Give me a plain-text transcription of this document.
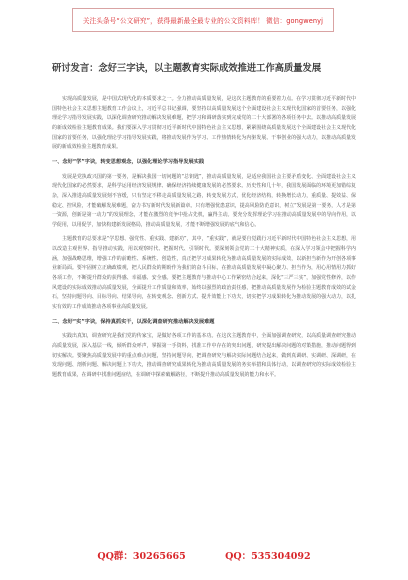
关注头条号“公文研究”，获得最新最全最专业的公文资料库！ 微信：gongwenyj
研讨发言：念好三字诀，以主题教育实际成效推进工作高质量发展

实现高质量发展，是中国式现代化的本质要求之一。全力推动高质量发展，是这次主题教育的重要着力点。在学习贯彻习近平新时代中国特色社会主义思想主题教育工作会议上，习近平总书记强调，要坚持以高质量发展这个全面建设社会主义现代化国家的首要任务，以强化理论学习指导发展实践，以深化调查研究推动解决发展难题，把学习和调研落实到完成党的二十大部署的各项任务中去。以推动高质量发展的新成效检验主题教育成果。我们要深入学习贯彻习近平新时代中国特色社会主义思想，紧紧围绕高质量发展这个全面建设社会主义现代化国家的首要任务，以强化理论学习指导发展实践，将推动发展作为学习、工作热情转化为内驱发展、干事创业的强大动力，以推动高质量发展的新成效检验主题教育成果。

一、念好“学”字诀，转变思想观念，以强化理论学习指导发展实践

发展是党执政兴国的第一要务，是解决我国一切问题的“总钥匙”，推动高质量发展，是适应我国社会主要矛盾变化、全面建设社会主义现代化国家的必然要求，是科学运用经济发展规律、确保经济持续健康发展的必然要求。历史性和几十年，我国发展面临的环境更加错综复杂，深入推进高质量发展刻不容缓，只有坚定不移走高质量发展之路，转变发展方式，优化经济结构，转换增长动力，重质量、提效益、保稳定、控风险，才能破解发展难题，奋力书写新时代发展新篇章。只有增强忧患意识，提高风险防范意识，树立“发展是第一要务，人才是第一资源，创新是第一动力”的发展理念，才能在激烈的竞争中抢占先机，赢得主动。要充分发挥理论学习在推动高质量发展中的导向作用，以学促用，以用促学，加快构建新发展格局，推动高质量发展，才能不断增强发展的底气和信心。

主题教育的总要求是“学思想、强党性、重实践、建新功”，其中，“重实践”，就是要自觉践行习近平新时代中国特色社会主义思想，用以改造主观世界、指导推动实践，用以观察时代、把握时代、引领时代。要深刻领会党的二十大精神实质，在深入学习领会中把握科学内涵，加强战略思维，增强工作的前瞻性、系统性、创造性，真正把学习成果转化为推动高质量发展的实际成效，以新担当新作为开创各项事业新局面。要牢固树立正确政绩观，把人民群众的期盼作为我们的奋斗目标，在推动高质量发展中凝心聚力、担当作为，用心用情用力抓好各项工作，不断提升群众的获得感、幸福感、安全感。要把主题教育与推动中心工作紧密结合起来，深化“三严三实”，加强党性修养，以作风建设的实际成效推动高质量发展，全面提升工作质量和效率，始终以强烈的政治责任感，把推动高质量发展作为检验主题教育成效的试金石，坚持问题导向、目标导向、结果导向，在转变观念、创新方式、提升效能上下功夫，切实把学习成果转化为推动发展的强大动力，以扎实有效的工作成效推动各项事业高质量发展。

二、念好“实”字诀，保持真抓实干，以深化调查研究推动解决发展难题

实践出真知，调查研究是我们党的传家宝，是做好各项工作的基本功。在这次主题教育中，全面加强调查研究，以高质量调查研究推动高质量发展，深入基层一线，倾听群众呼声，掌握第一手资料，找准工作中存在的突出问题，研究提出解决问题的对策措施，推动问题得到切实解决。要聚焦高质量发展中的重点难点问题，坚持问题导向，把调查研究与解决实际问题结合起来，做到真调研、实调研、深调研，在发现问题、剖析问题、解决问题上下功夫，推动调查研究成果转化为推动高质量发展的务实举措和具体行动，以调查研究的实际成效检验主题教育成果，在调研中找准问题症结，在调研中探索破解路径，不断提升推动高质量发展的能力和水平。

QQ群：30265665	QQ：535304092
